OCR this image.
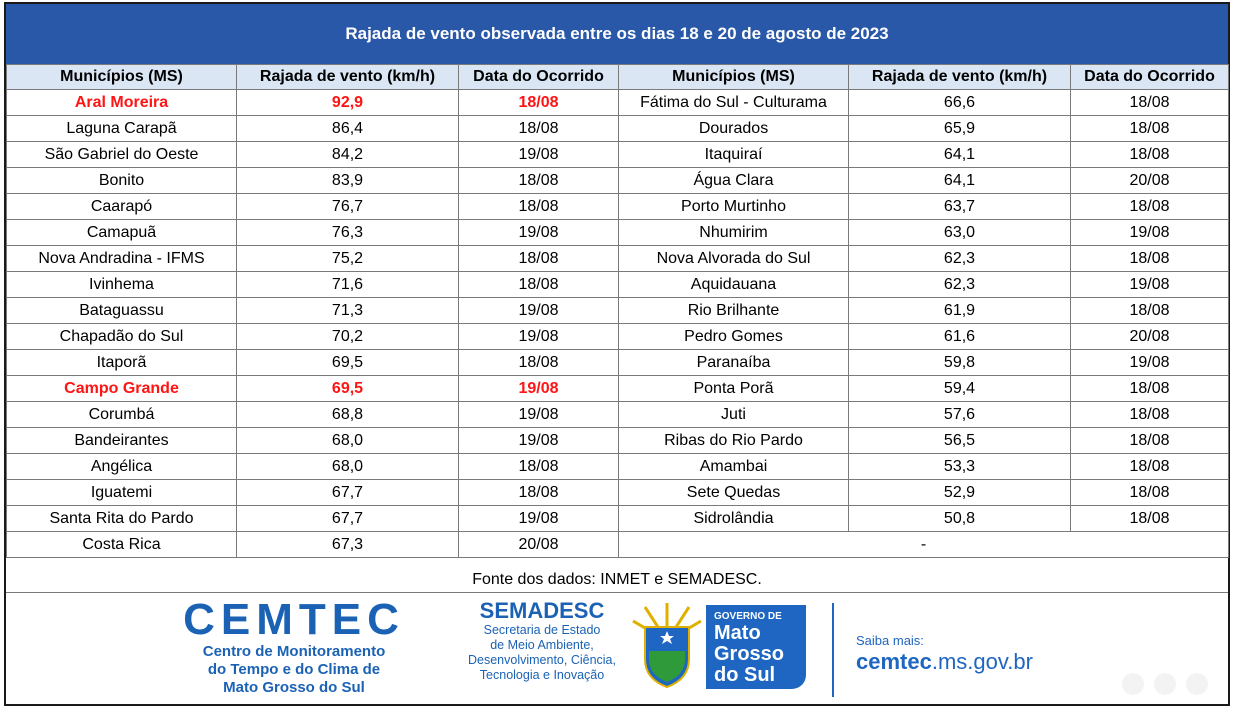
Rajada de vento observada entre os dias 18 e 20 de agosto de 2023
Municípios (MS)	Rajada de vento (km/h)	Data do Ocorrido	Municípios (MS)	Rajada de vento (km/h)	Data do Ocorrido
Aral Moreira	92,9	18/08	Fátima do Sul - Culturama	66,6	18/08
Laguna Carapã	86,4	18/08	Dourados	65,9	18/08
São Gabriel do Oeste	84,2	19/08	Itaquiraí	64,1	18/08
Bonito	83,9	18/08	Água Clara	64,1	20/08
Caarapó	76,7	18/08	Porto Murtinho	63,7	18/08
Camapuã	76,3	19/08	Nhumirim	63,0	19/08
Nova Andradina - IFMS	75,2	18/08	Nova Alvorada do Sul	62,3	18/08
Ivinhema	71,6	18/08	Aquidauana	62,3	19/08
Bataguassu	71,3	19/08	Rio Brilhante	61,9	18/08
Chapadão do Sul	70,2	19/08	Pedro Gomes	61,6	20/08
Itaporã	69,5	18/08	Paranaíba	59,8	19/08
Campo Grande	69,5	19/08	Ponta Porã	59,4	18/08
Corumbá	68,8	19/08	Juti	57,6	18/08
Bandeirantes	68,0	19/08	Ribas do Rio Pardo	56,5	18/08
Angélica	68,0	18/08	Amambai	53,3	18/08
Iguatemi	67,7	18/08	Sete Quedas	52,9	18/08
Santa Rita do Pardo	67,7	19/08	Sidrolândia	50,8	18/08
Costa Rica	67,3	20/08	-		
Fonte dos dados: INMET e SEMADESC.
CEMTEC
Centro de Monitoramento
do Tempo e do Clima de
Mato Grosso do Sul
SEMADESC
Secretaria de Estado
de Meio Ambiente,
Desenvolvimento, Ciência,
Tecnologia e Inovação
GOVERNO DE
Mato
Grosso
do Sul
Saiba mais:
cemtec.ms.gov.br
